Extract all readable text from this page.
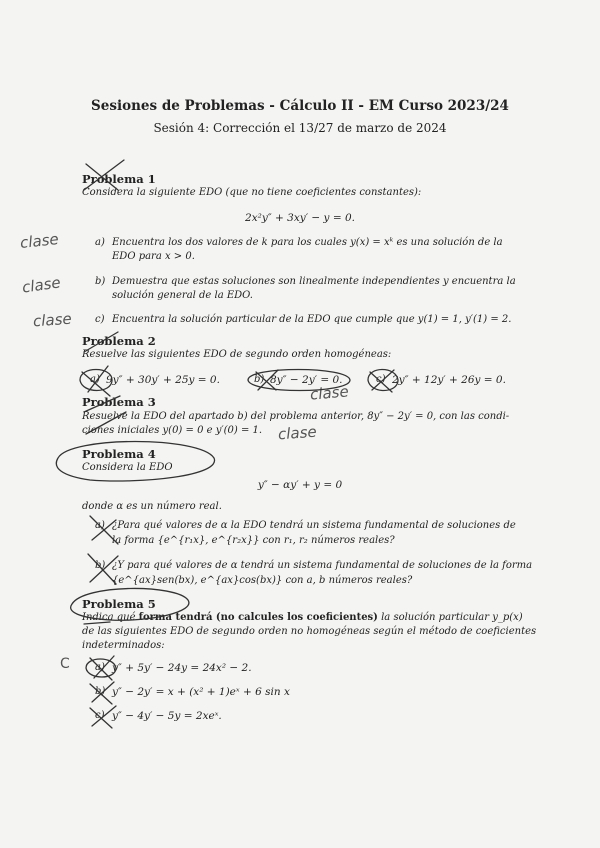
Sesiones de Problemas - Cálculo II - EM Curso 2023/24
Sesión 4: Corrección el 13/27 de marzo de 2024
Problema 1
Considera la siguiente EDO (que no tiene coeficientes constantes):
2x²y″ + 3xy′ − y = 0.
a) Encuentra los dos valores de k para los cuales y(x) = xᵏ es una solución de la
EDO para x > 0.
b) Demuestra que estas soluciones son linealmente independientes y encuentra la
solución general de la EDO.
c) Encuentra la solución particular de la EDO que cumple que y(1) = 1, y′(1) = 2.
Problema 2
Resuelve las siguientes EDO de segundo orden homogéneas:
a) 9y″ + 30y′ + 25y = 0.	b) 8y″ − 2y′ = 0.	c) 2y″ + 12y′ + 26y = 0.
Problema 3
Resuelve la EDO del apartado b) del problema anterior, 8y″ − 2y′ = 0, con las condi-
ciones iniciales y(0) = 0 e y′(0) = 1.
Problema 4
Considera la EDO
y″ − αy′ + y = 0
donde α es un número real.
a) ¿Para qué valores de α la EDO tendrá un sistema fundamental de soluciones de
la forma {e^{r₁x}, e^{r₂x}} con r₁, r₂ números reales?
b) ¿Y para qué valores de α tendrá un sistema fundamental de soluciones de la forma
{e^{ax}sen(bx), e^{ax}cos(bx)} con a, b números reales?
Problema 5
Indica qué forma tendrá (no calcules los coeficientes) la solución particular y_p(x)
de las siguientes EDO de segundo orden no homogéneas según el método de coeficientes
indeterminados:
a) y″ + 5y′ − 24y = 24x² − 2.
b) y″ − 2y′ = x + (x² + 1)eˣ + 6 sin x
c) y″ − 4y′ − 5y = 2xeˣ.
clase
clase
clase
clase
clase
C
